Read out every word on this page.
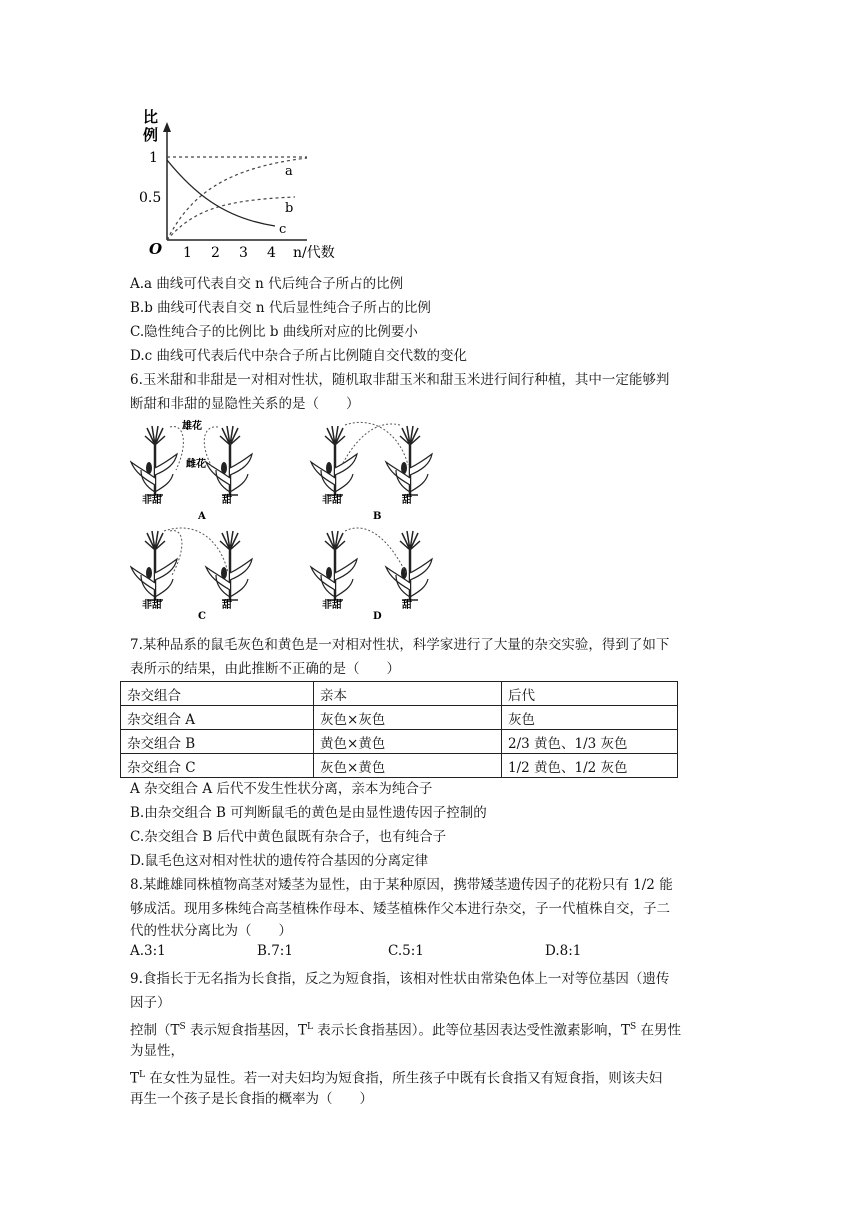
比
例
1
0.5
O 1 2 3 4 n/代数
a
b
c
A.a 曲线可代表自交 n 代后纯合子所占的比例
B.b 曲线可代表自交 n 代后显性纯合子所占的比例
C.隐性纯合子的比例比 b 曲线所对应的比例要小
D.c 曲线可代表后代中杂合子所占比例随自交代数的变化
6.玉米甜和非甜是一对相对性状，随机取非甜玉米和甜玉米进行间行种植，其中一定能够判
断甜和非甜的显隐性关系的是（　　）
雄花
雌花
非甜	甜
A
非甜	甜
B
非甜	甜
C
非甜	甜
D
7.某种品系的鼠毛灰色和黄色是一对相对性状，科学家进行了大量的杂交实验，得到了如下
表所示的结果，由此推断不正确的是（　　）
杂交组合	亲本	后代
杂交组合 A	灰色×灰色	灰色
杂交组合 B	黄色×黄色	2/3 黄色、1/3 灰色
杂交组合 C	灰色×黄色	1/2 黄色、1/2 灰色
A 杂交组合 A 后代不发生性状分离，亲本为纯合子
B.由杂交组合 B 可判断鼠毛的黄色是由显性遗传因子控制的
C.杂交组合 B 后代中黄色鼠既有杂合子，也有纯合子
D.鼠毛色这对相对性状的遗传符合基因的分离定律
8.某雌雄同株植物高茎对矮茎为显性，由于某种原因，携带矮茎遗传因子的花粉只有 1/2 能
够成活。现用多株纯合高茎植株作母本、矮茎植株作父本进行杂交，子一代植株自交，子二
代的性状分离比为（　　）
A.3:1	B.7:1	C.5:1	D.8:1
9.食指长于无名指为长食指，反之为短食指，该相对性状由常染色体上一对等位基因（遗传
因子）
控制（$T^S$ 表示短食指基因，$T^L$ 表示长食指基因）。此等位基因表达受性激素影响，$T^S$ 在男性
为显性，
$T^L$ 在女性为显性。若一对夫妇均为短食指，所生孩子中既有长食指又有短食指，则该夫妇
再生一个孩子是长食指的概率为（　　）
